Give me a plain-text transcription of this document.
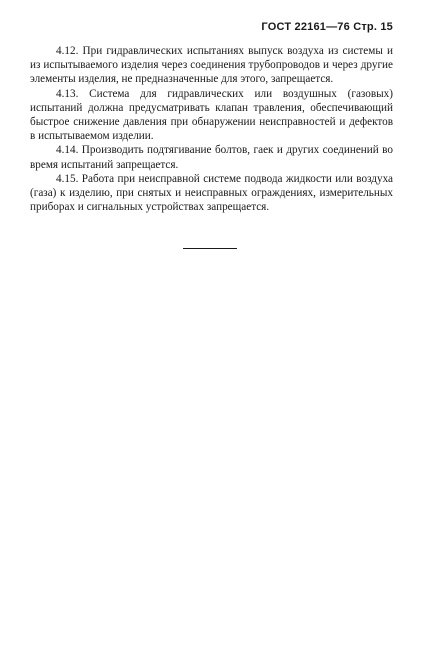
ГОСТ 22161—76 Стр. 15

4.12. При гидравлических испытаниях выпуск воздуха из системы и из испытываемого изделия через соединения трубопроводов и через другие элементы изделия, не предназначенные для этого, запрещается.

4.13. Система для гидравлических или воздушных (газовых) испытаний должна предусматривать клапан травления, обеспечивающий быстрое снижение давления при обнаружении неисправностей и дефектов в испытываемом изделии.

4.14. Производить подтягивание болтов, гаек и других соединений во время испытаний запрещается.

4.15. Работа при неисправной системе подвода жидкости или воздуха (газа) к изделию, при снятых и неисправных ограждениях, измерительных приборах и сигнальных устройствах запрещается.
